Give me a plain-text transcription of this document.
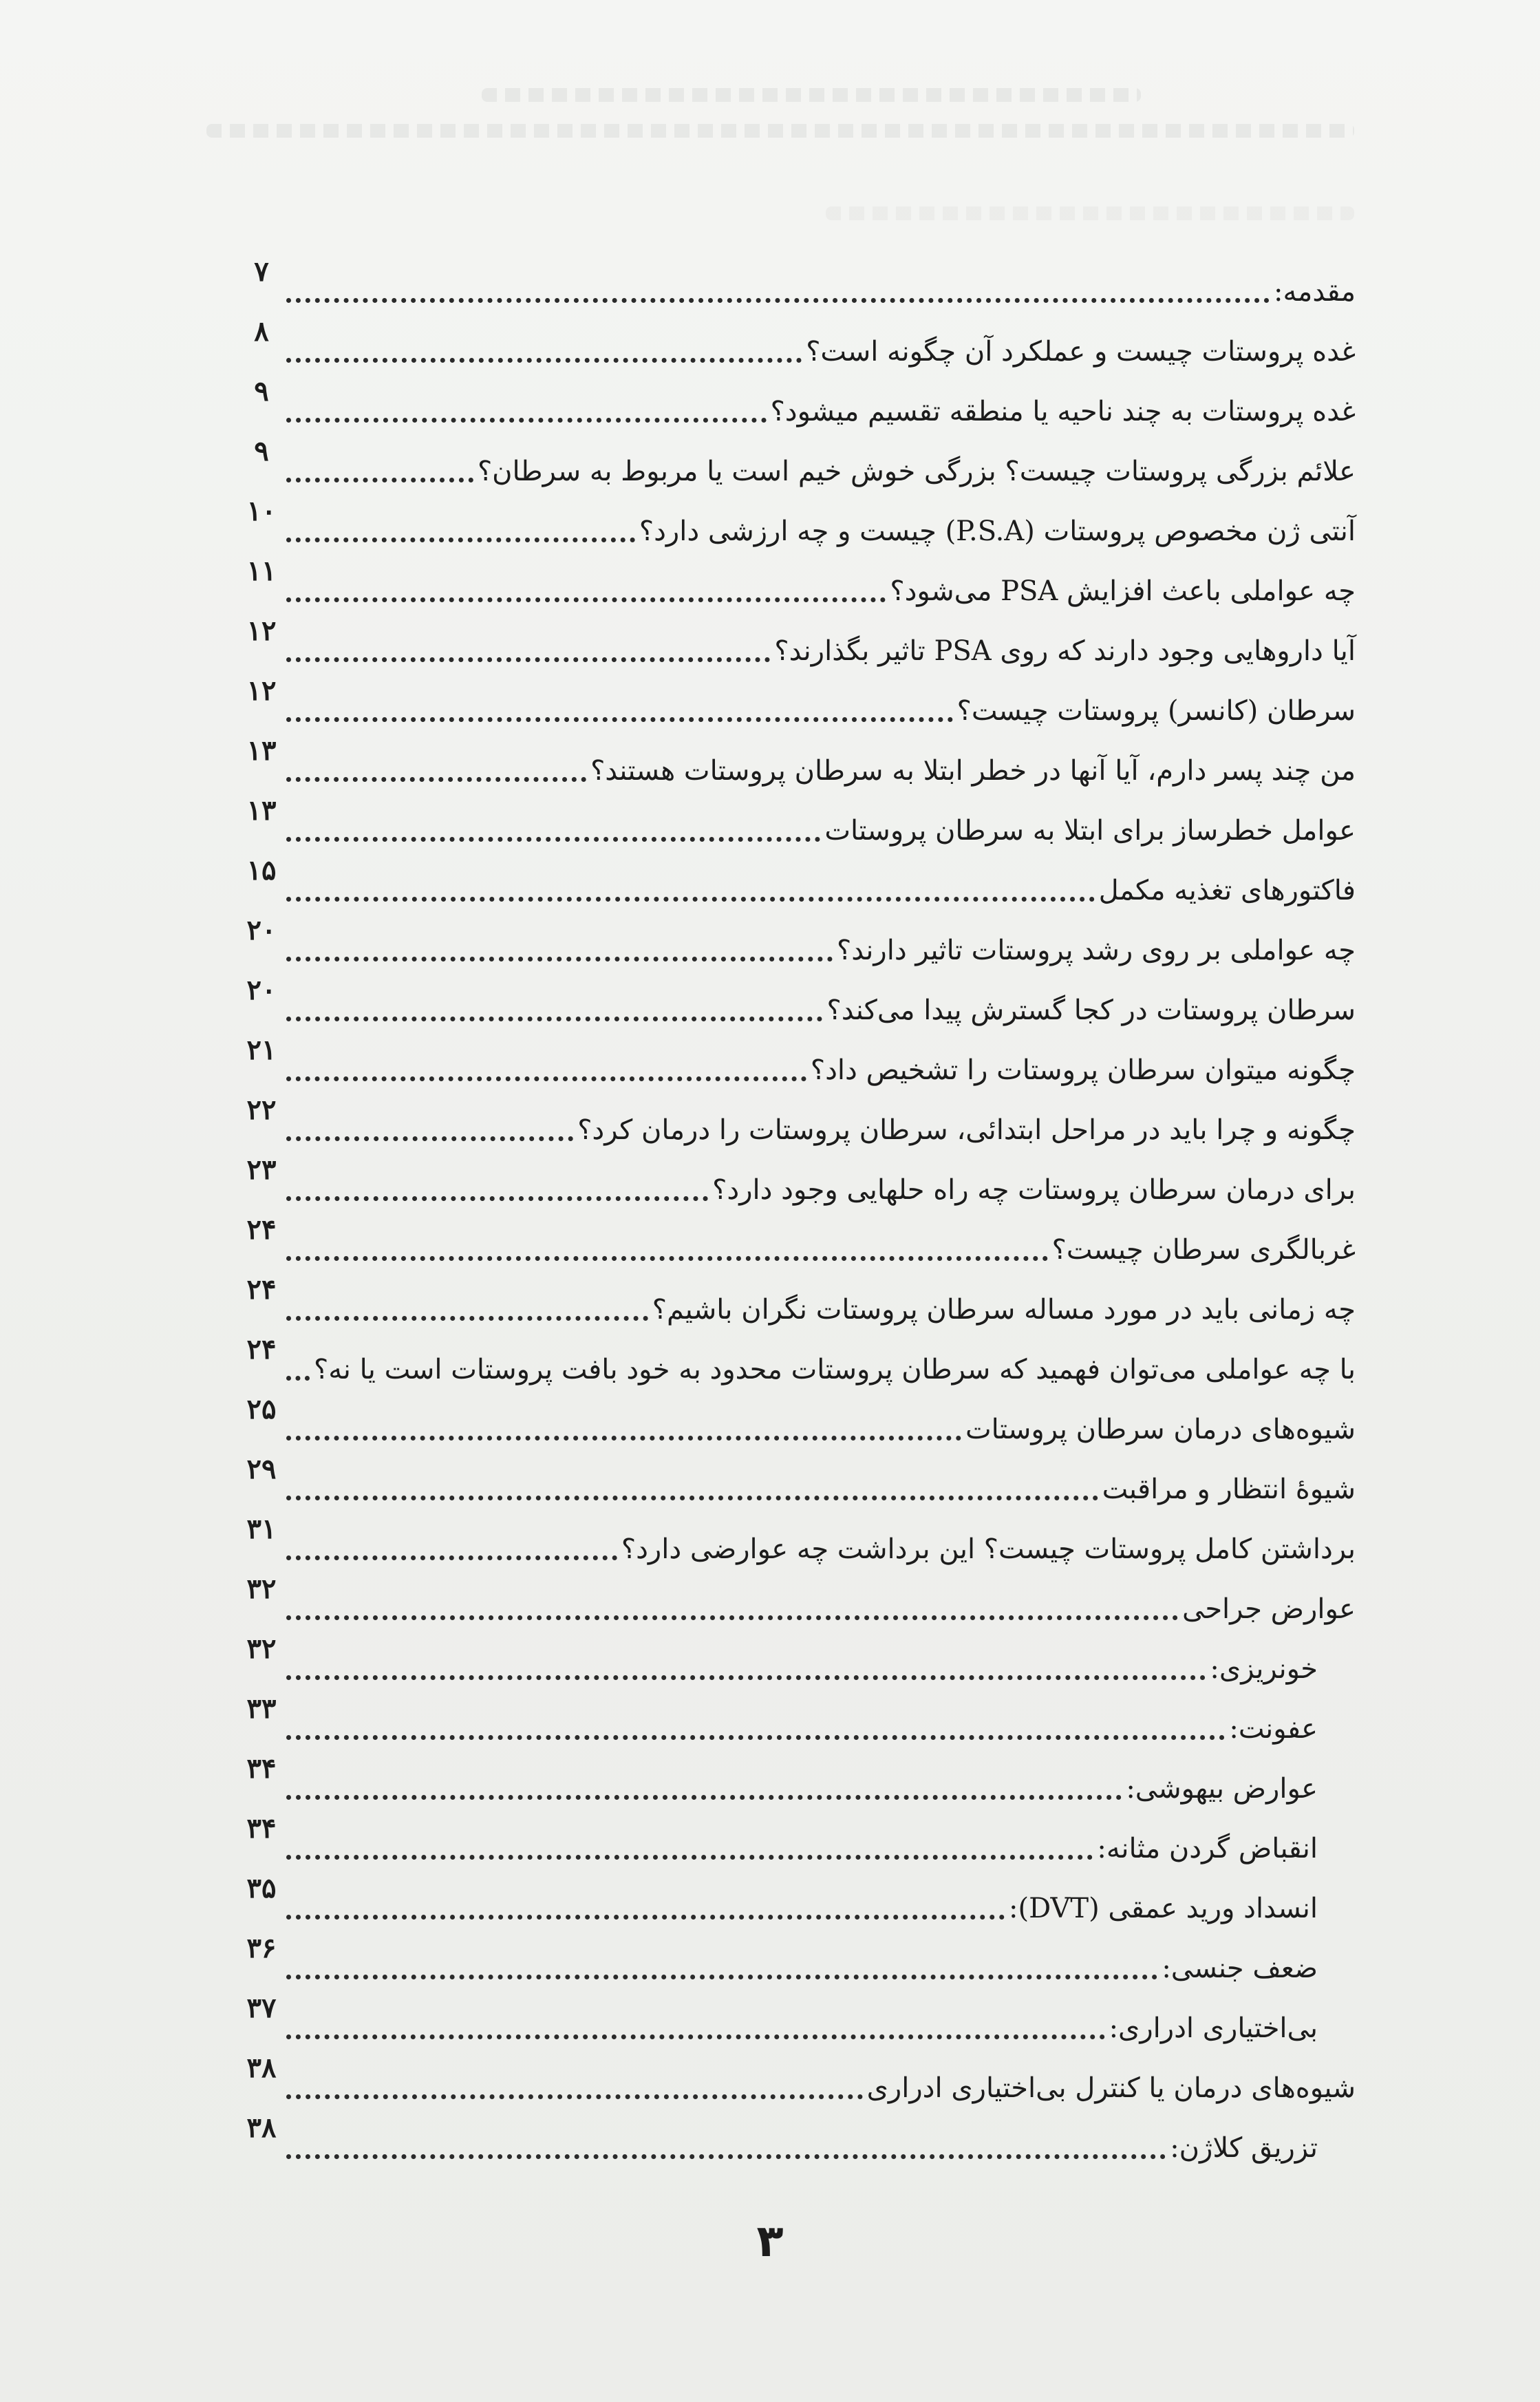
مقدمه:
۷
غده پروستات چیست و عملکرد آن چگونه است؟
۸
غده پروستات به چند ناحیه یا منطقه تقسیم میشود؟
۹
علائم بزرگی پروستات چیست؟ بزرگی خوش خیم است یا مربوط به سرطان؟
۹
آنتی ژن مخصوص پروستات (P.S.A) چیست و چه ارزشی دارد؟
۱۰
چه عواملی باعث افزایش PSA می‌شود؟
۱۱
آیا داروهایی وجود دارند که روی PSA تاثیر بگذارند؟
۱۲
سرطان (کانسر) پروستات چیست؟
۱۲
من چند پسر دارم، آیا آنها در خطر ابتلا به سرطان پروستات هستند؟
۱۳
عوامل خطرساز برای ابتلا به سرطان پروستات
۱۳
فاکتورهای تغذیه مکمل
۱۵
چه عواملی بر روی رشد پروستات تاثیر دارند؟
۲۰
سرطان پروستات در کجا گسترش پیدا می‌کند؟
۲۰
چگونه میتوان سرطان پروستات را تشخیص داد؟
۲۱
چگونه و چرا باید در مراحل ابتدائی، سرطان پروستات را درمان کرد؟
۲۲
برای درمان سرطان پروستات چه راه حلهایی وجود دارد؟
۲۳
غربالگری سرطان چیست؟
۲۴
چه زمانی باید در مورد مساله سرطان پروستات نگران باشیم؟
۲۴
با چه عواملی می‌توان فهمید که سرطان پروستات محدود به خود بافت پروستات است یا نه؟
۲۴
شیوه‌های درمان سرطان پروستات
۲۵
شیوهٔ انتظار و مراقبت
۲۹
برداشتن کامل پروستات چیست؟ این برداشت چه عوارضی دارد؟
۳۱
عوارض جراحی
۳۲
خونریزی:
۳۲
عفونت:
۳۳
عوارض بیهوشی:
۳۴
انقباض گردن مثانه:
۳۴
انسداد ورید عمقی (DVT):
۳۵
ضعف جنسی:
۳۶
بی‌اختیاری ادراری:
۳۷
شیوه‌های درمان یا کنترل بی‌اختیاری ادراری
۳۸
تزریق کلاژن:
۳۸
۳
